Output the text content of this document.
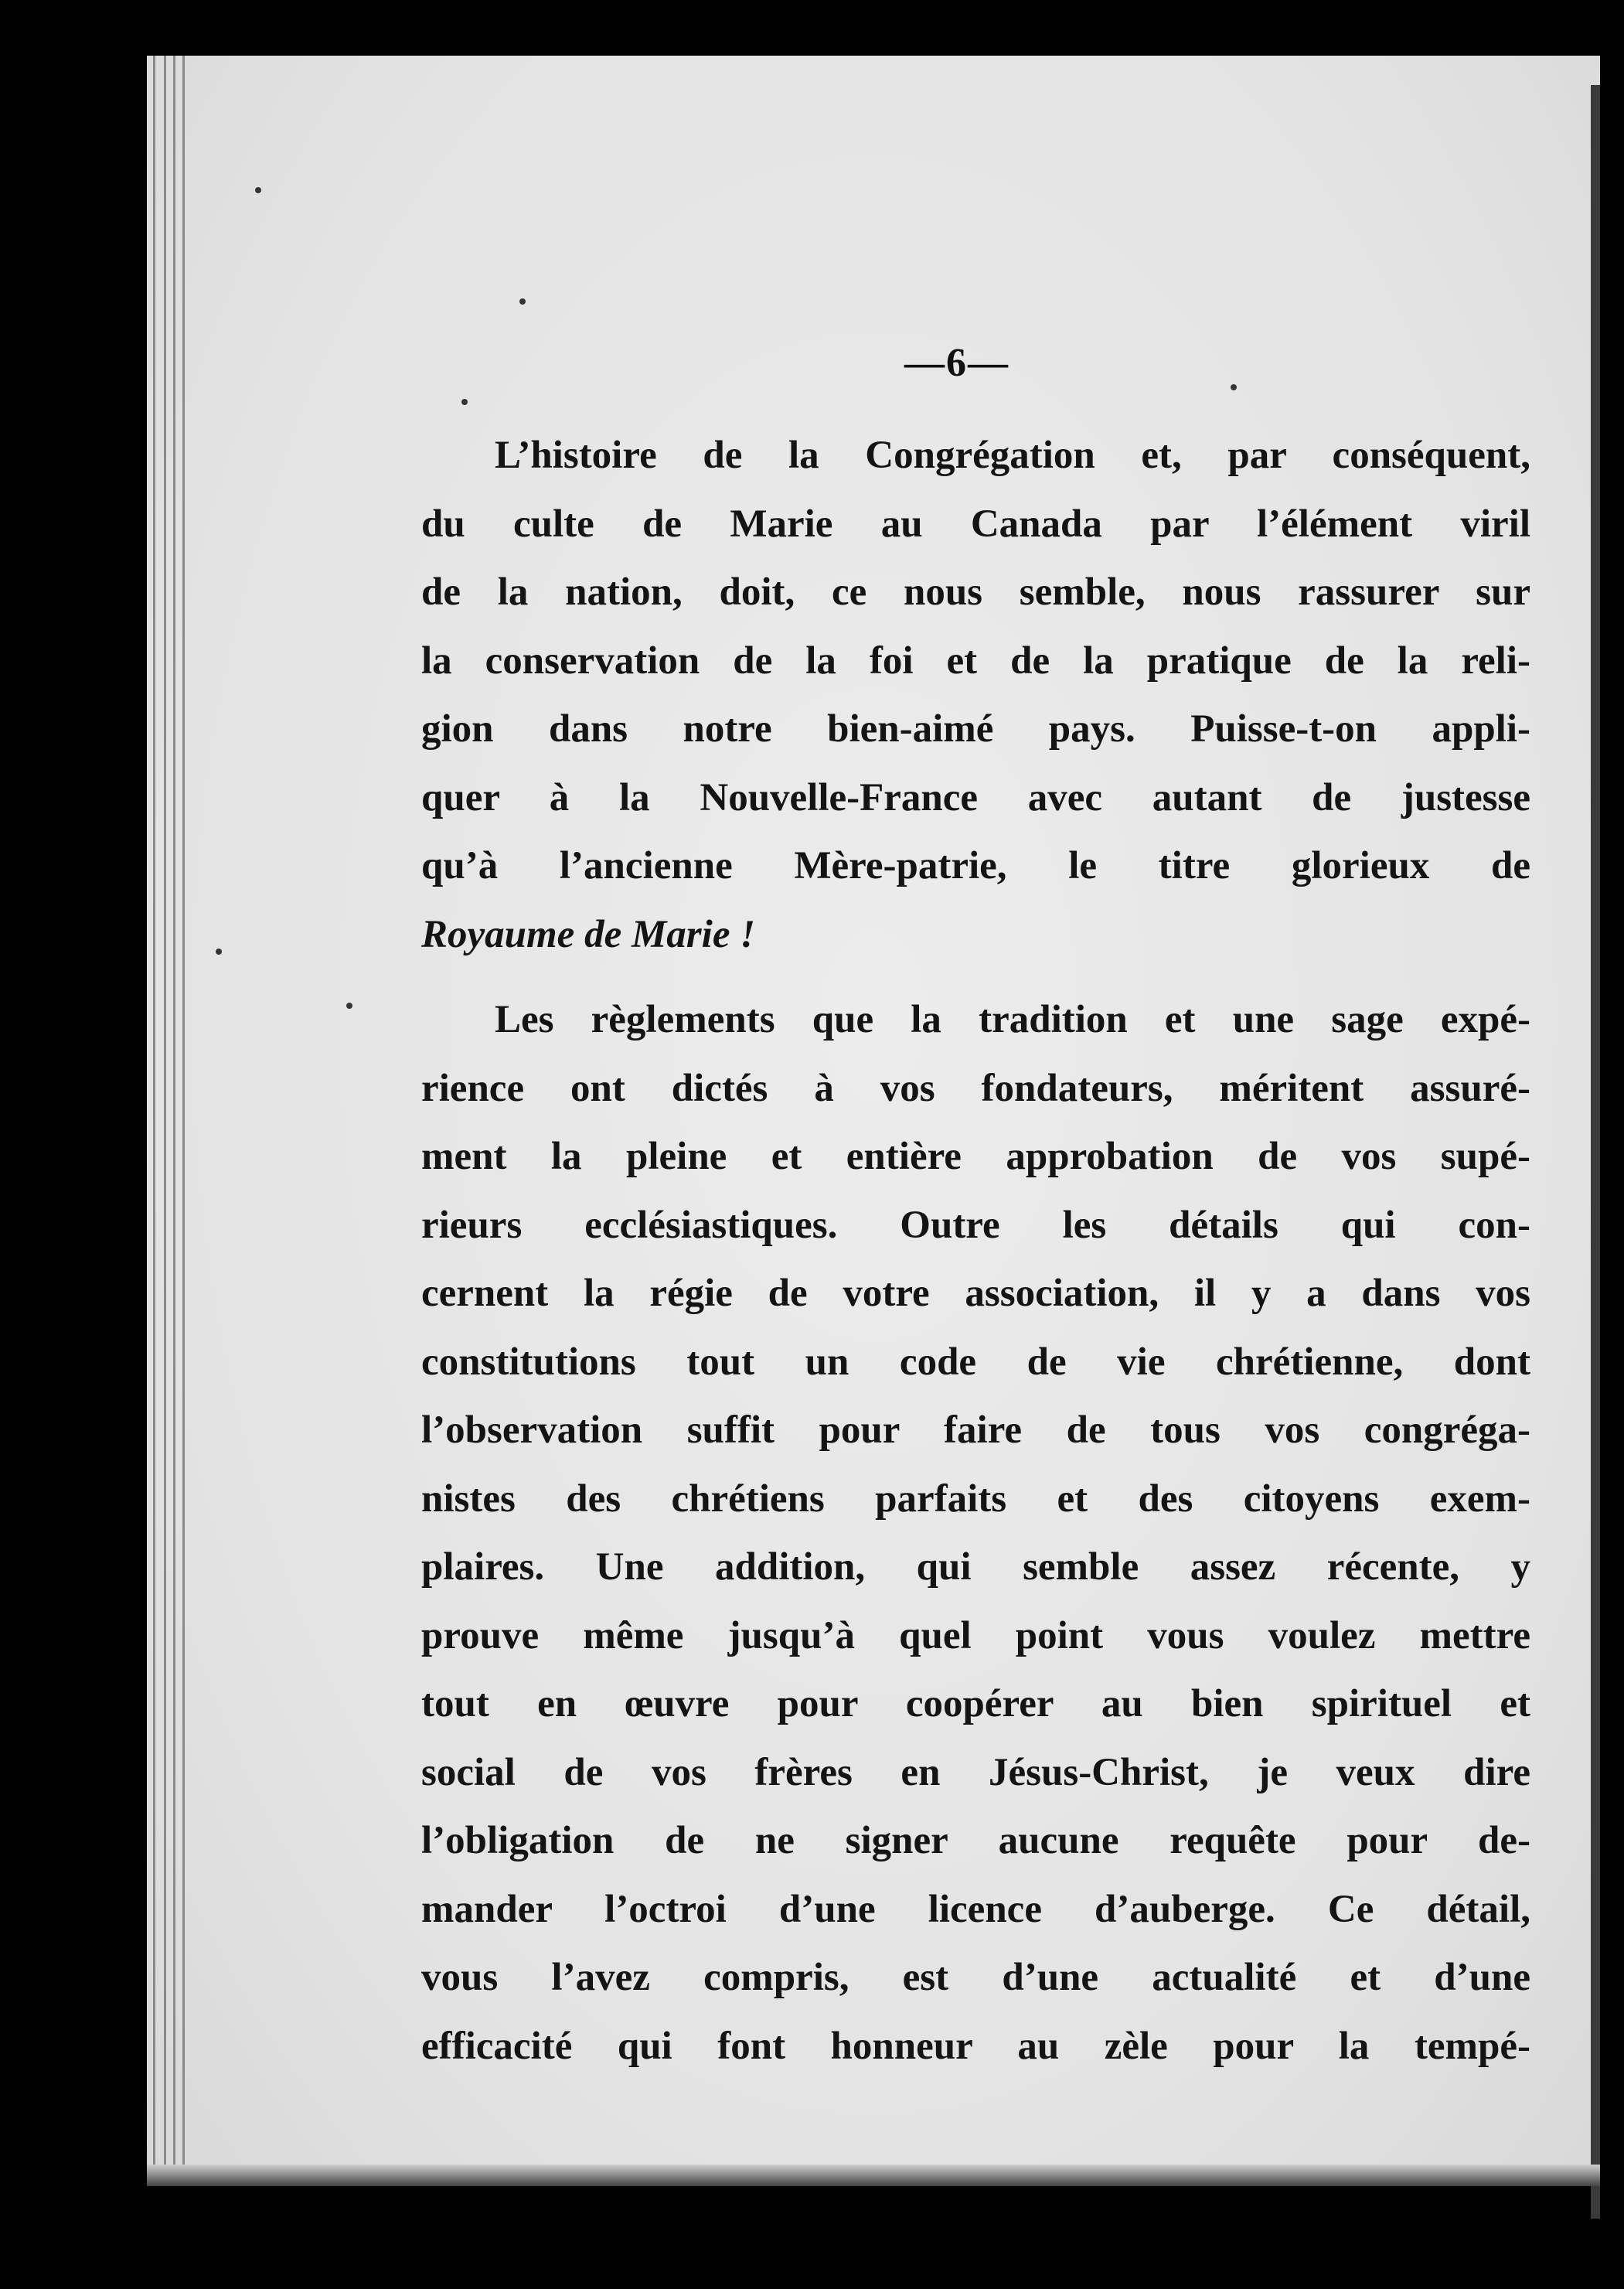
—6—

L’histoire de la Congrégation et, par conséquent,
du culte de Marie au Canada par l’élément viril
de la nation, doit, ce nous semble, nous rassurer sur
la conservation de la foi et de la pratique de la reli-
gion dans notre bien-aimé pays. Puisse-t-on appli-
quer à la Nouvelle-France avec autant de justesse
qu’à l’ancienne Mère-patrie, le titre glorieux de
Royaume de Marie !

Les règlements que la tradition et une sage expé-
rience ont dictés à vos fondateurs, méritent assuré-
ment la pleine et entière approbation de vos supé-
rieurs ecclésiastiques. Outre les détails qui con-
cernent la régie de votre association, il y a dans vos
constitutions tout un code de vie chrétienne, dont
l’observation suffit pour faire de tous vos congréga-
nistes des chrétiens parfaits et des citoyens exem-
plaires. Une addition, qui semble assez récente, y
prouve même jusqu’à quel point vous voulez mettre
tout en œuvre pour coopérer au bien spirituel et
social de vos frères en Jésus-Christ, je veux dire
l’obligation de ne signer aucune requête pour de-
mander l’octroi d’une licence d’auberge. Ce détail,
vous l’avez compris, est d’une actualité et d’une
efficacité qui font honneur au zèle pour la tempé-
